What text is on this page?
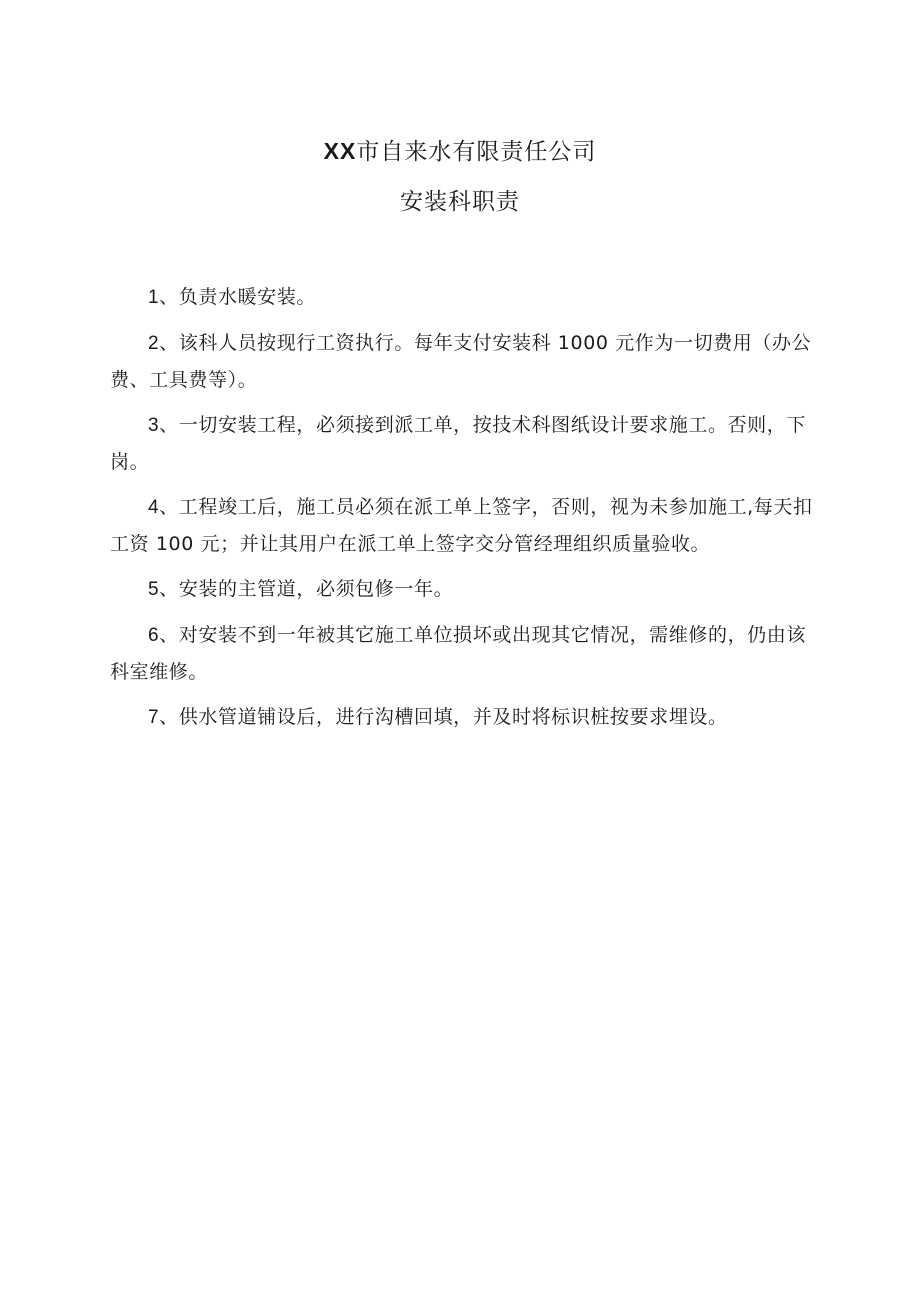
XX市自来水有限责任公司
安装科职责

1、负责水暖安装。

2、该科人员按现行工资执行。每年支付安装科 1000 元作为一切费用（办公费、工具费等）。

3、一切安装工程，必须接到派工单，按技术科图纸设计要求施工。否则，下岗。

4、工程竣工后，施工员必须在派工单上签字，否则，视为未参加施工,每天扣工资 100 元；并让其用户在派工单上签字交分管经理组织质量验收。

5、安装的主管道，必须包修一年。

6、对安装不到一年被其它施工单位损坏或出现其它情况，需维修的，仍由该科室维修。

7、供水管道铺设后，进行沟槽回填，并及时将标识桩按要求埋设。
